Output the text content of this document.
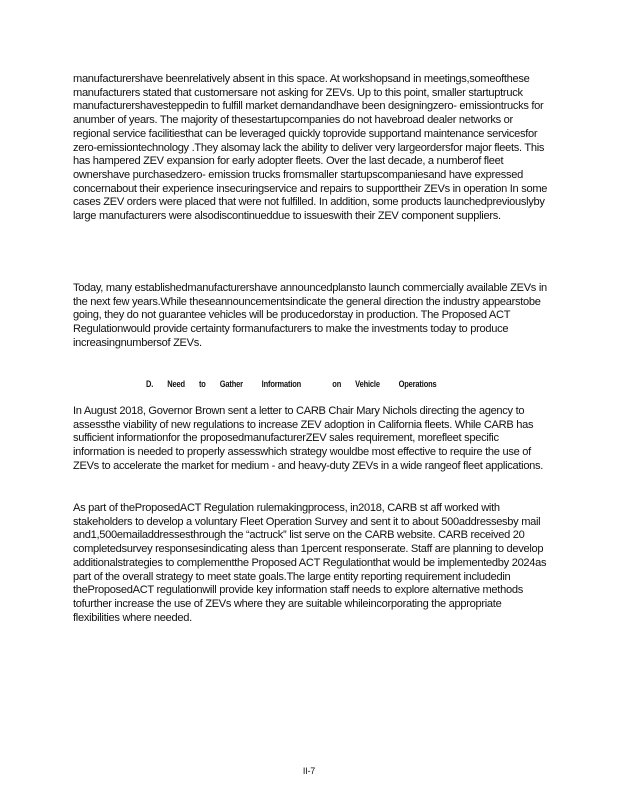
manufacturershave beenrelatively absent in this space. At workshopsand in meetings,someofthese manufacturers stated that customersare not asking for ZEVs. Up to this point, smaller startuptruck manufacturershavesteppedin to fulfill market demandandhave been designingzero- emissiontrucks for anumber of years. The majority of thesestartupcompanies do not havebroad dealer networks or regional service facilitiesthat can be leveraged quickly toprovide supportand maintenance servicesfor zero-emissiontechnology .They alsomay lack the ability to deliver very largeordersfor major fleets. This has hampered ZEV expansion for early adopter fleets. Over the last decade, a numberof fleet ownershave purchasedzero- emission trucks fromsmaller startupscompaniesand have expressed concernabout their experience insecuringservice and repairs to supporttheir ZEVs in operation In some cases ZEV orders were placed that were not fulfilled. In addition, some products launchedpreviouslyby large manufacturers were alsodiscontinueddue to issueswith their ZEV component suppliers.

Today, many establishedmanufacturershave announcedplansto launch commercially available ZEVs in the next few years.While theseannouncementsindicate the general direction the industry appearstobe going, they do not guarantee vehicles will be producedorstay in production. The Proposed ACT Regulationwould provide certainty formanufacturers to make the investments today to produce increasingnumbersof ZEVs.

D. Need to Gather Information	on Vehicle Operations

In August 2018, Governor Brown sent a letter to CARB Chair Mary Nichols directing the agency to assessthe viability of new regulations to increase ZEV adoption in California fleets. While CARB has sufficient informationfor the proposedmanufacturerZEV sales requirement, morefleet specific information is needed to properly assesswhich strategy wouldbe most effective to require the use of ZEVs to accelerate the market for medium - and heavy-duty ZEVs in a wide rangeof fleet applications.

As part of theProposedACT Regulation rulemakingprocess, in2018, CARB st aff worked with stakeholders to develop a voluntary Fleet Operation Survey and sent it to about 500addressesby mail and1,500emailaddressesthrough the “actruck” list serve on the CARB website. CARB received 20 completedsurvey responsesindicating aless than 1percent responserate. Staff are planning to develop additionalstrategies to complementthe Proposed ACT Regulationthat would be implementedby 2024as part of the overall strategy to meet state goals.The large entity reporting requirement includedin theProposedACT regulationwill provide key information staff needs to explore alternative methods tofurther increase the use of ZEVs where they are suitable whileincorporating the appropriate flexibilities where needed.

II-7
